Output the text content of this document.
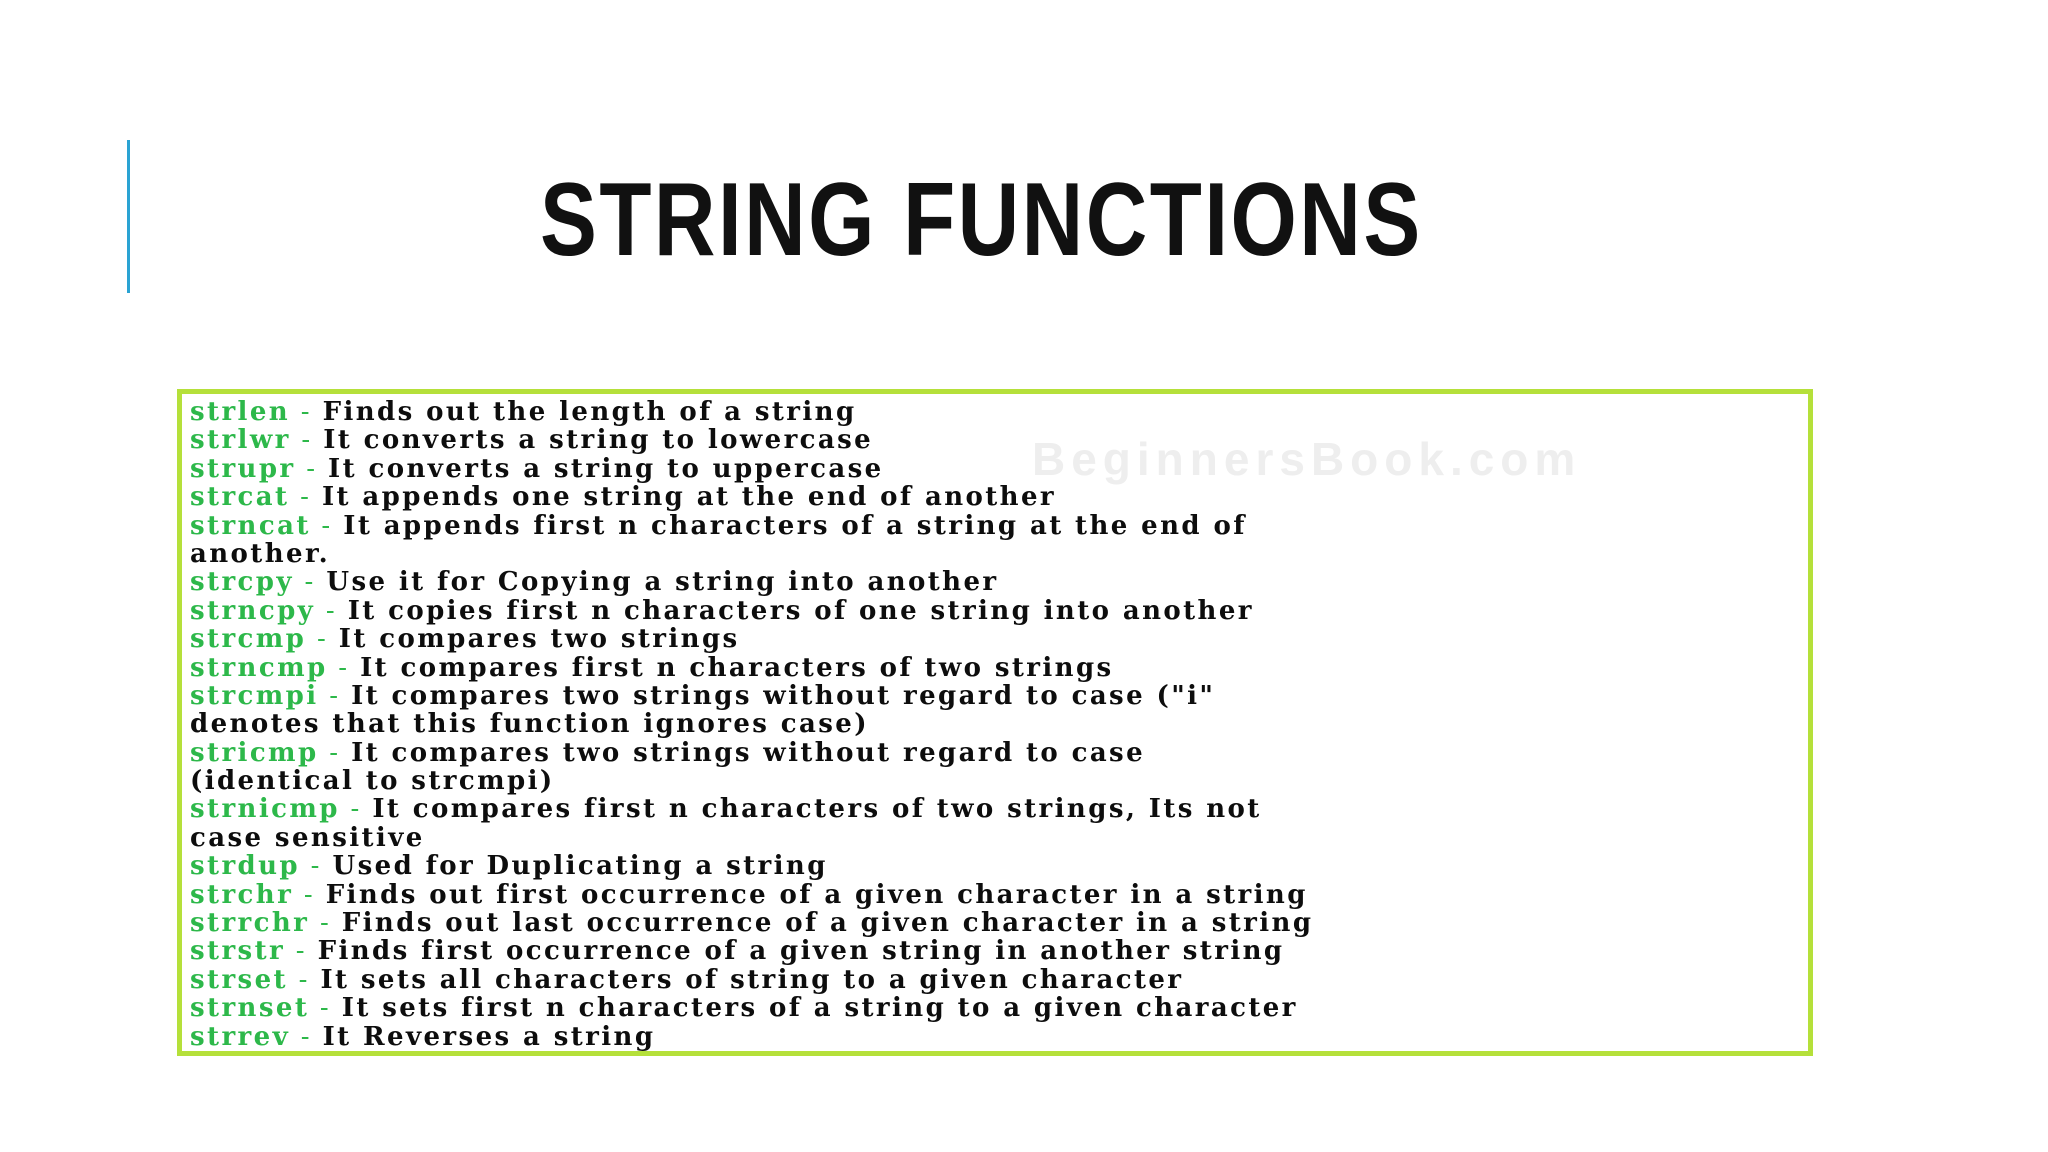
STRING FUNCTIONS
BeginnersBook.com
strlen - Finds out the length of a string
strlwr - It converts a string to lowercase
strupr - It converts a string to uppercase
strcat - It appends one string at the end of another
strncat - It appends first n characters of a string at the end of
another.
strcpy - Use it for Copying a string into another
strncpy - It copies first n characters of one string into another
strcmp - It compares two strings
strncmp - It compares first n characters of two strings
strcmpi - It compares two strings without regard to case ("i"
denotes that this function ignores case)
stricmp - It compares two strings without regard to case
(identical to strcmpi)
strnicmp - It compares first n characters of two strings, Its not
case sensitive
strdup - Used for Duplicating a string
strchr - Finds out first occurrence of a given character in a string
strrchr - Finds out last occurrence of a given character in a string
strstr - Finds first occurrence of a given string in another string
strset - It sets all characters of string to a given character
strnset - It sets first n characters of a string to a given character
strrev - It Reverses a string
